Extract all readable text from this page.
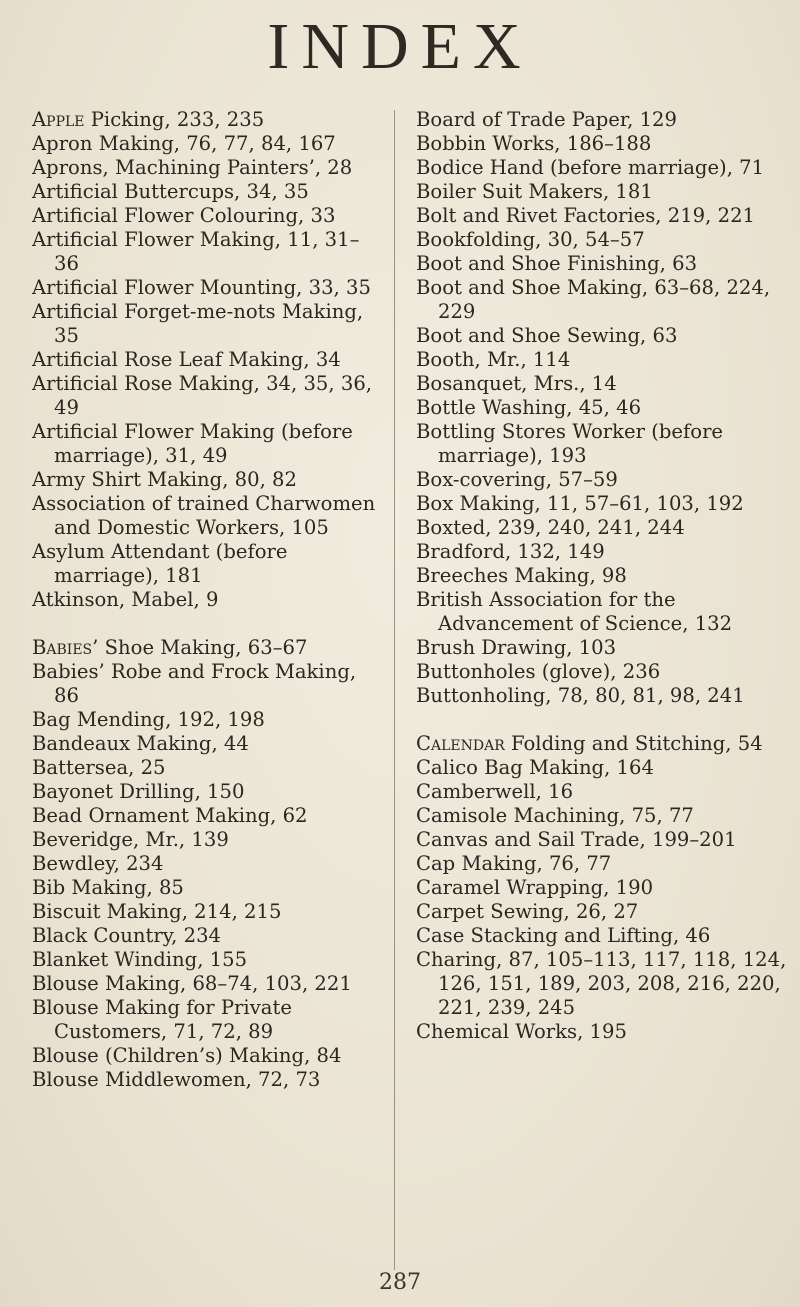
INDEX

Apple Picking, 233, 235

Apron Making, 76, 77, 84, 167

Aprons, Machining Painters’, 28

Artificial Buttercups, 34, 35

Artificial Flower Colouring, 33

Artificial Flower Making, 11, 31–36

Artificial Flower Mounting, 33, 35

Artificial Forget-me-nots Making, 35

Artificial Rose Leaf Making, 34

Artificial Rose Making, 34, 35, 36, 49

Artificial Flower Making (before marriage), 31, 49

Army Shirt Making, 80, 82

Association of trained Charwomen and Domestic Workers, 105

Asylum Attendant (before marriage), 181

Atkinson, Mabel, 9

Babies’ Shoe Making, 63–67

Babies’ Robe and Frock Making, 86

Bag Mending, 192, 198

Bandeaux Making, 44

Battersea, 25

Bayonet Drilling, 150

Bead Ornament Making, 62

Beveridge, Mr., 139

Bewdley, 234

Bib Making, 85

Biscuit Making, 214, 215

Black Country, 234

Blanket Winding, 155

Blouse Making, 68–74, 103, 221

Blouse Making for Private Customers, 71, 72, 89

Blouse (Children’s) Making, 84

Blouse Middlewomen, 72, 73

Board of Trade Paper, 129

Bobbin Works, 186–188

Bodice Hand (before marriage), 71

Boiler Suit Makers, 181

Bolt and Rivet Factories, 219, 221

Bookfolding, 30, 54–57

Boot and Shoe Finishing, 63

Boot and Shoe Making, 63–68, 224, 229

Boot and Shoe Sewing, 63

Booth, Mr., 114

Bosanquet, Mrs., 14

Bottle Washing, 45, 46

Bottling Stores Worker (before marriage), 193

Box-covering, 57–59

Box Making, 11, 57–61, 103, 192

Boxted, 239, 240, 241, 244

Bradford, 132, 149

Breeches Making, 98

British Association for the Advancement of Science, 132

Brush Drawing, 103

Buttonholes (glove), 236

Buttonholing, 78, 80, 81, 98, 241

Calendar Folding and Stitching, 54

Calico Bag Making, 164

Camberwell, 16

Camisole Machining, 75, 77

Canvas and Sail Trade, 199–201

Cap Making, 76, 77

Caramel Wrapping, 190

Carpet Sewing, 26, 27

Case Stacking and Lifting, 46

Charing, 87, 105–113, 117, 118, 124, 126, 151, 189, 203, 208, 216, 220, 221, 239, 245

Chemical Works, 195

287
